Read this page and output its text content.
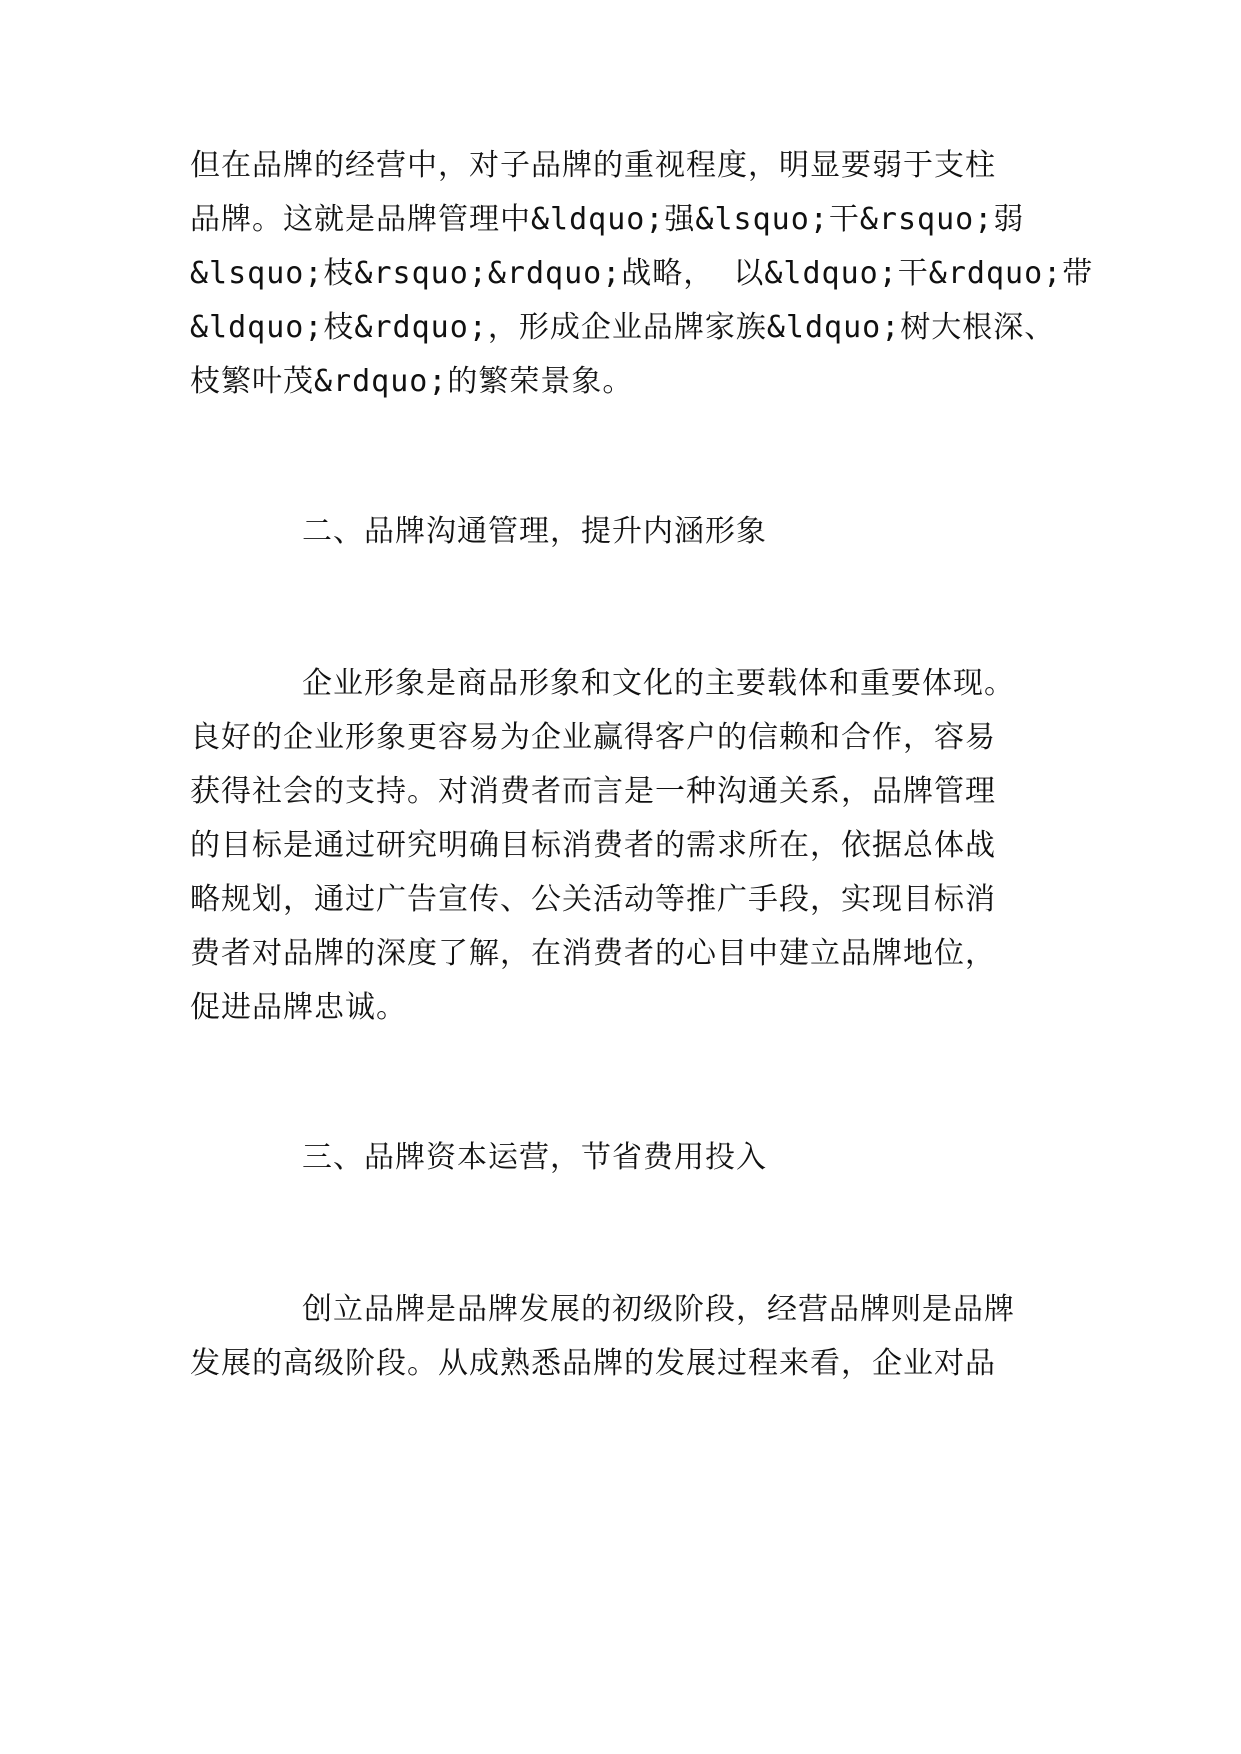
但在品牌的经营中，对子品牌的重视程度，明显要弱于支柱
品牌。这就是品牌管理中&ldquo;强&lsquo;干&rsquo;弱
&lsquo;枝&rsquo;&rdquo;战略， 以&ldquo;干&rdquo;带
&ldquo;枝&rdquo;，形成企业品牌家族&ldquo;树大根深、
枝繁叶茂&rdquo;的繁荣景象。
二、品牌沟通管理，提升内涵形象
企业形象是商品形象和文化的主要载体和重要体现。
良好的企业形象更容易为企业赢得客户的信赖和合作，容易
获得社会的支持。对消费者而言是一种沟通关系，品牌管理
的目标是通过研究明确目标消费者的需求所在，依据总体战
略规划，通过广告宣传、公关活动等推广手段，实现目标消
费者对品牌的深度了解，在消费者的心目中建立品牌地位，
促进品牌忠诚。
三、品牌资本运营，节省费用投入
创立品牌是品牌发展的初级阶段，经营品牌则是品牌
发展的高级阶段。从成熟悉品牌的发展过程来看，企业对品
